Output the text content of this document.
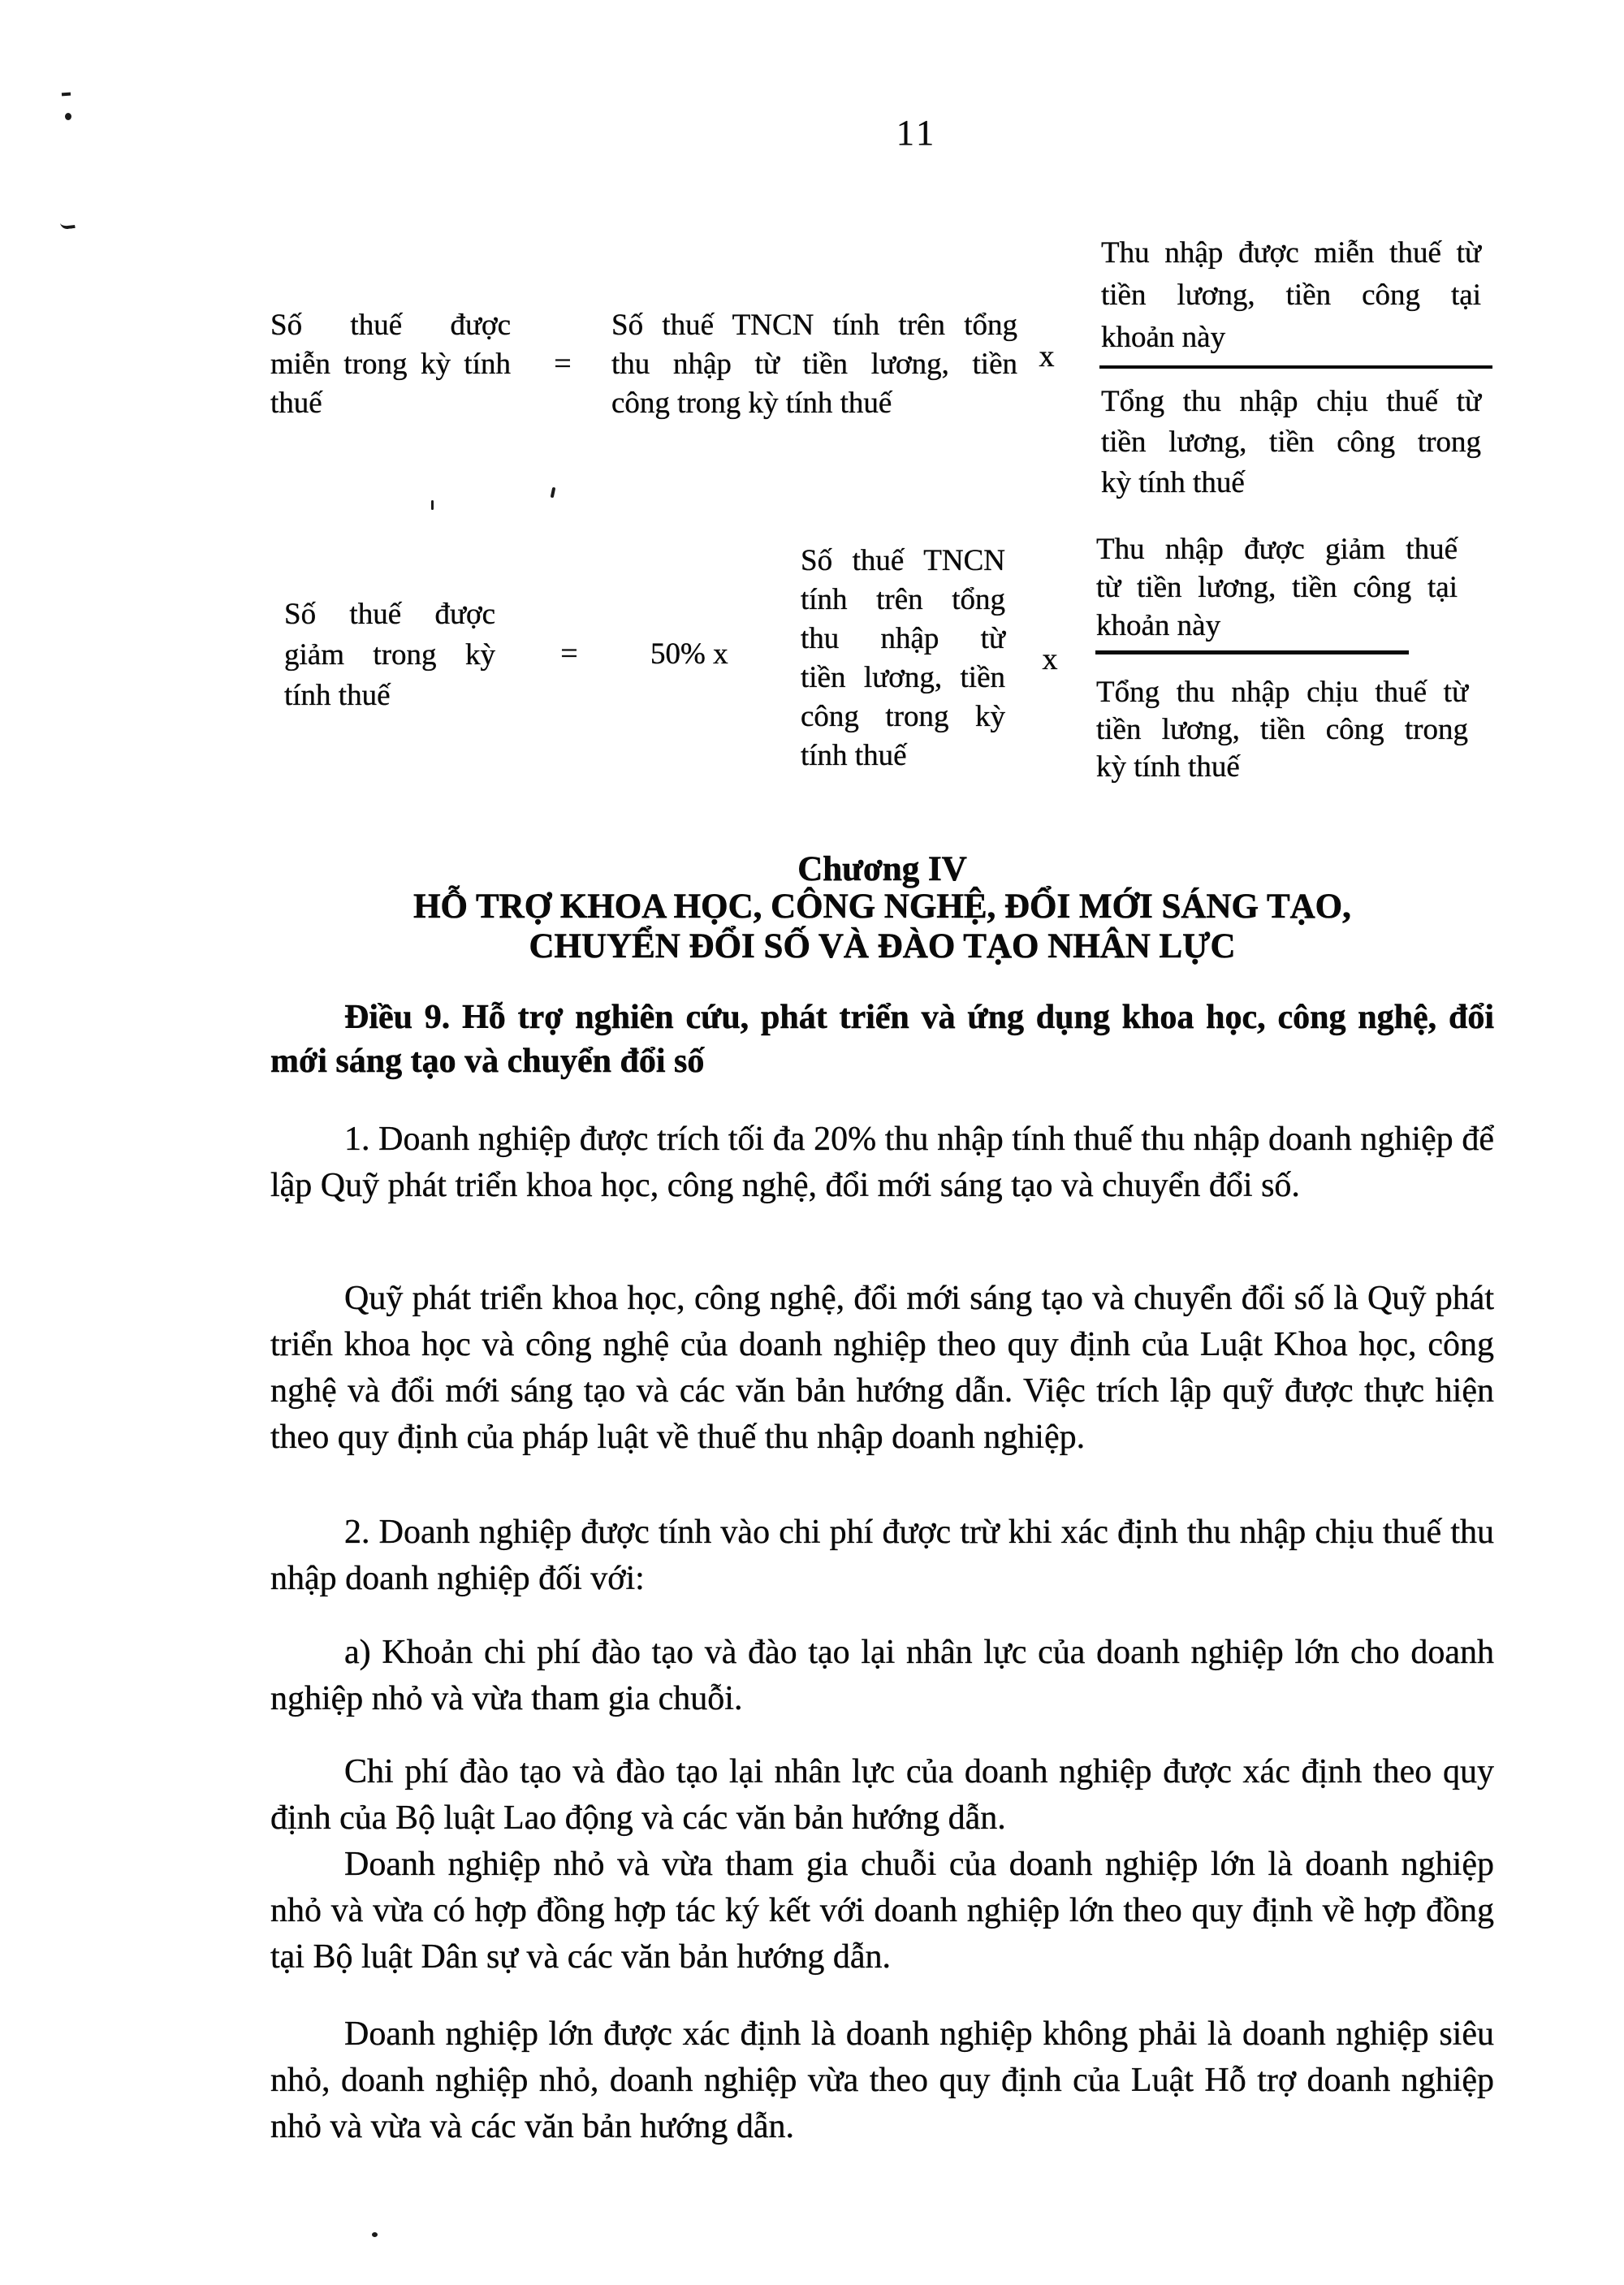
11
Số thuế được
miễn trong kỳ tính
thuế
=
Số thuế TNCN tính trên tổng
thu nhập từ tiền lương, tiền
công trong kỳ tính thuế
x
Thu nhập được miễn thuế từ
tiền lương, tiền công tại
khoản này
Tổng thu nhập chịu thuế từ
tiền lương, tiền công trong
kỳ tính thuế
Số thuế được
giảm trong kỳ
tính thuế
=	50% x
Số thuế TNCN
tính trên tổng
thu nhập từ
tiền lương, tiền
công trong kỳ
tính thuế
x
Thu nhập được giảm thuế
từ tiền lương, tiền công tại
khoản này
Tổng thu nhập chịu thuế từ
tiền lương, tiền công trong
kỳ tính thuế
Chương IV
HỖ TRỢ KHOA HỌC, CÔNG NGHỆ, ĐỔI MỚI SÁNG TẠO,
CHUYỂN ĐỔI SỐ VÀ ĐÀO TẠO NHÂN LỰC

Điều 9. Hỗ trợ nghiên cứu, phát triển và ứng dụng khoa học, công nghệ, đổi mới sáng tạo và chuyển đổi số

1. Doanh nghiệp được trích tối đa 20% thu nhập tính thuế thu nhập doanh nghiệp để lập Quỹ phát triển khoa học, công nghệ, đổi mới sáng tạo và chuyển đổi số.

Quỹ phát triển khoa học, công nghệ, đổi mới sáng tạo và chuyển đổi số là Quỹ phát triển khoa học và công nghệ của doanh nghiệp theo quy định của Luật Khoa học, công nghệ và đổi mới sáng tạo và các văn bản hướng dẫn. Việc trích lập quỹ được thực hiện theo quy định của pháp luật về thuế thu nhập doanh nghiệp.

2. Doanh nghiệp được tính vào chi phí được trừ khi xác định thu nhập chịu thuế thu nhập doanh nghiệp đối với:

a) Khoản chi phí đào tạo và đào tạo lại nhân lực của doanh nghiệp lớn cho doanh nghiệp nhỏ và vừa tham gia chuỗi.

Chi phí đào tạo và đào tạo lại nhân lực của doanh nghiệp được xác định theo quy định của Bộ luật Lao động và các văn bản hướng dẫn.

Doanh nghiệp nhỏ và vừa tham gia chuỗi của doanh nghiệp lớn là doanh nghiệp nhỏ và vừa có hợp đồng hợp tác ký kết với doanh nghiệp lớn theo quy định về hợp đồng tại Bộ luật Dân sự và các văn bản hướng dẫn.

Doanh nghiệp lớn được xác định là doanh nghiệp không phải là doanh nghiệp siêu nhỏ, doanh nghiệp nhỏ, doanh nghiệp vừa theo quy định của Luật Hỗ trợ doanh nghiệp nhỏ và vừa và các văn bản hướng dẫn.
